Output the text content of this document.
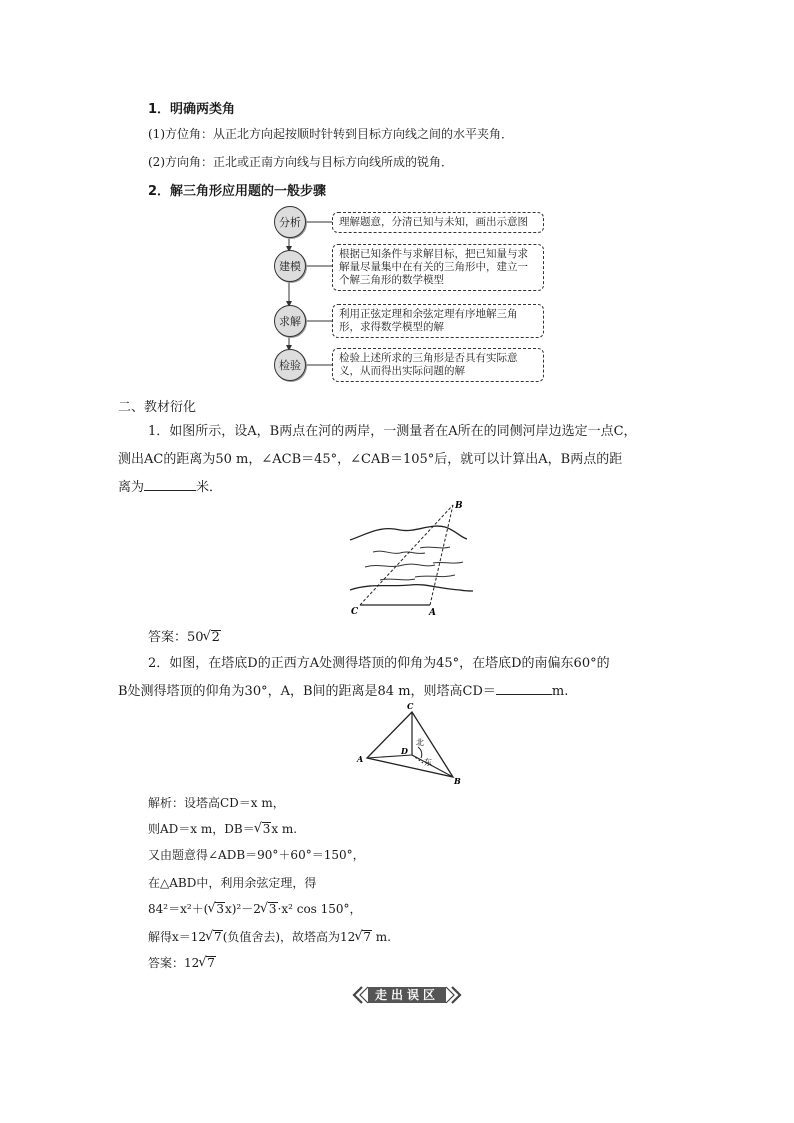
1．明确两类角
(1)方位角：从正北方向起按顺时针转到目标方向线之间的水平夹角．
(2)方向角：正北或正南方向线与目标方向线所成的锐角．
2．解三角形应用题的一般步骤
分析
建模
求解
检验
理解题意，分清已知与未知，画出示意图
根据已知条件与求解目标，把已知量与求解量尽量集中在有关的三角形中，建立一个解三角形的数学模型
利用正弦定理和余弦定理有序地解三角形，求得数学模型的解
检验上述所求的三角形是否具有实际意义，从而得出实际问题的解
二、教材衍化
1．如图所示，设A，B两点在河的两岸，一测量者在A所在的同侧河岸边选定一点C，
测出AC的距离为50 m，∠ACB＝45°，∠CAB＝105°后，就可以计算出A，B两点的距
离为	米．
C	A
B
答案：50 √ 2
2．如图，在塔底D的正西方A处测得塔顶的仰角为45°，在塔底D的南偏东60°的
B处测得塔顶的仰角为30°，A，B间的距离是84 m，则塔高CD＝	m.
C
A
B
D
北
东
解析：设塔高CD＝x m，
则AD＝x m，DB＝ √ 3x m.
又由题意得∠ADB＝90°＋60°＝150°，
在△ABD中，利用余弦定理，得
84²＝x²＋( √ 3x)²－2 √ 3·x² cos 150°，
解得x＝12 √ 7(负值舍去)，故塔高为12 √ 7 m.
答案：12 √ 7
走出误区
